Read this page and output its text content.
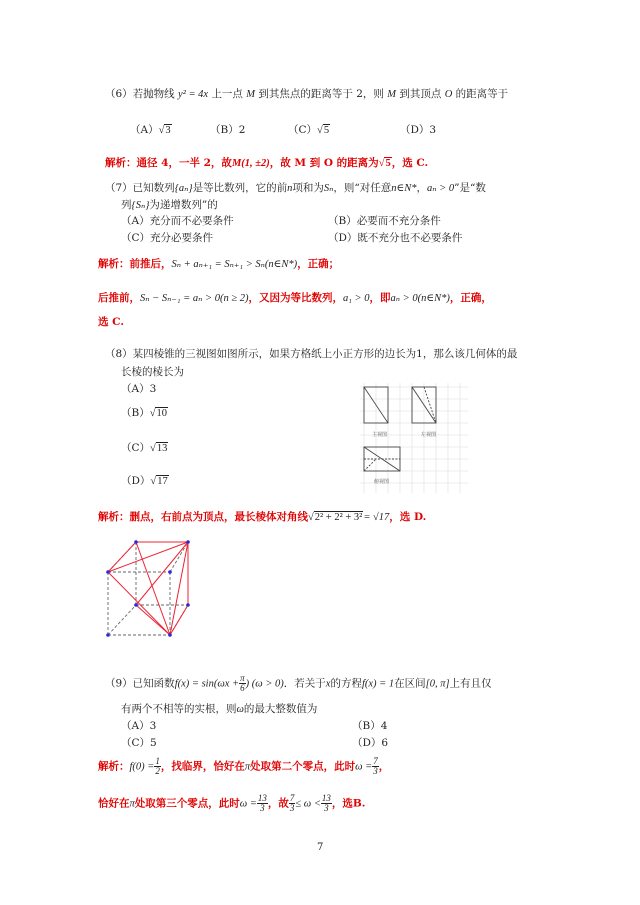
（6）若抛物线 y² = 4x 上一点 M 到其焦点的距离等于 2，则 M 到其顶点 O 的距离等于
（A）√3	（B）2	（C）√5	（D）3
解析：通径 4，一半 2，故M(1, ±2)，故 M 到 O 的距离为√5，选 C.
（7）已知数列{aₙ}是等比数列，它的前n项和为Sₙ，则“对任意n∈N*，aₙ > 0”是“数
列{Sₙ}为递增数列”的
（A）充分而不必要条件	（B）必要而不充分条件
（C）充分必要条件	（D）既不充分也不必要条件
解析：前推后，Sₙ + aₙ₊₁ = Sₙ₊₁ > Sₙ(n∈N*)，正确；
后推前，Sₙ − Sₙ₋₁ = aₙ > 0(n ≥ 2)，又因为等比数列，a₁ > 0，即aₙ > 0(n∈N*)，正确，
选 C.
（8）某四棱锥的三视图如图所示，如果方格纸上小正方形的边长为1，那么该几何体的最
长棱的棱长为
（A）3
（B）√10
（C）√13
（D）√17
主视图	左视图
俯视图
解析：删点，右前点为顶点，最长棱体对角线√2² + 2² + 3²= √17，选 D.
（9）已知函数$f(x) = \sin(\omega x + \frac{\pi}{6}$ ) (ω > 0)．若关于x的方程f(x) = 1在区间[0, π]上有且仅
有两个不相等的实根，则ω的最大整数值为
（A）3	（B）4
（C）5	（D）6
解析：$f(0) = \frac{1}{2}$ ，找临界，恰好在π处取第二个零点，此时$\omega = \frac{7}{3}$ ，
恰好在π处取第三个零点，此时$\omega = \frac{13}{3}$ ，故 $\frac{7}{3} \le \omega < \frac{13}{3}$ ，选B.
7
